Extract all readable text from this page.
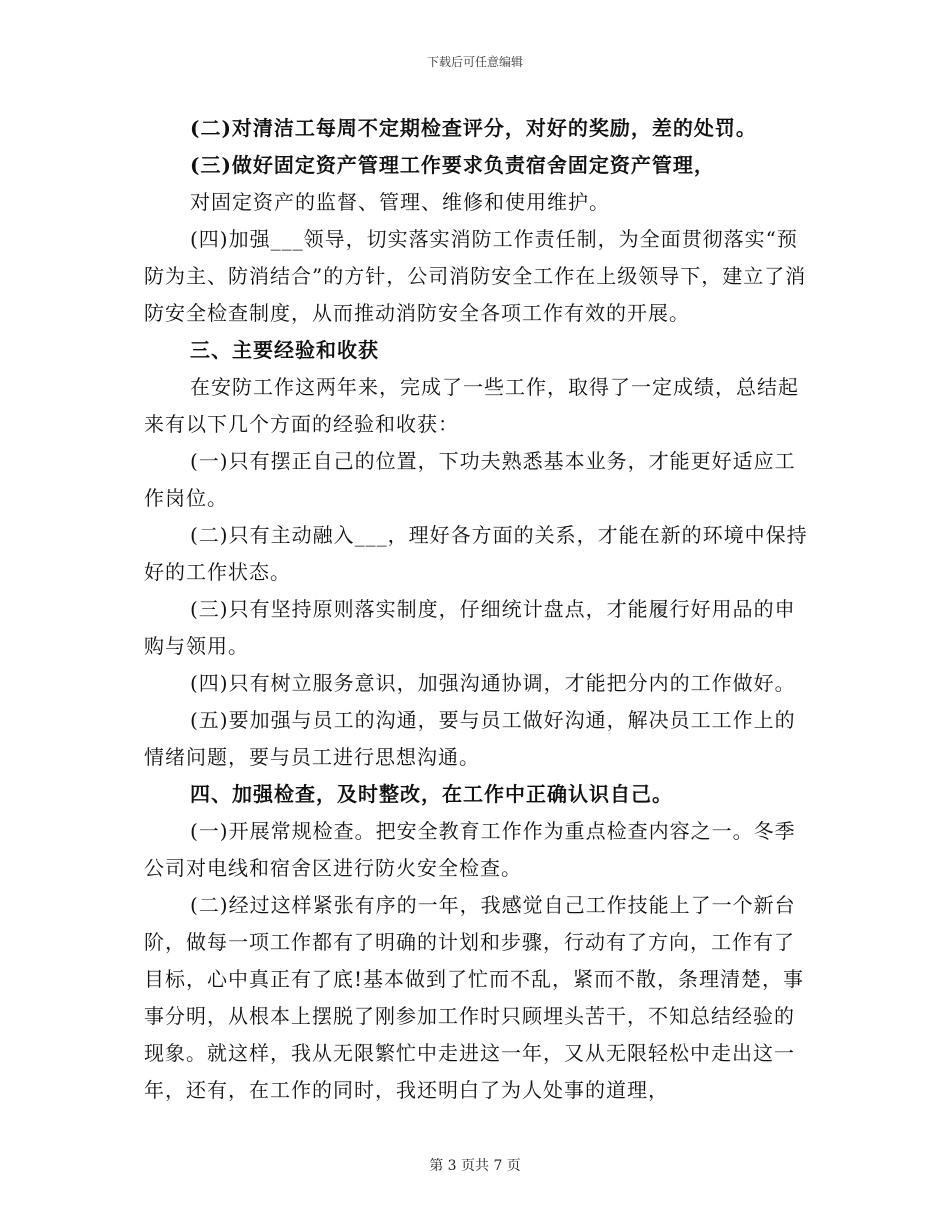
下载后可任意编辑

(二)对清洁工每周不定期检查评分，对好的奖励，差的处罚。

(三)做好固定资产管理工作要求负责宿舍固定资产管理，

对固定资产的监督、管理、维修和使用维护。

(四)加强___领导，切实落实消防工作责任制，为全面贯彻落实“预防为主、防消结合”的方针，公司消防安全工作在上级领导下，建立了消防安全检查制度，从而推动消防安全各项工作有效的开展。

三、主要经验和收获

在安防工作这两年来，完成了一些工作，取得了一定成绩，总结起来有以下几个方面的经验和收获：

(一)只有摆正自己的位置，下功夫熟悉基本业务，才能更好适应工作岗位。

(二)只有主动融入___，理好各方面的关系，才能在新的环境中保持好的工作状态。

(三)只有坚持原则落实制度，仔细统计盘点，才能履行好用品的申购与领用。

(四)只有树立服务意识，加强沟通协调，才能把分内的工作做好。

(五)要加强与员工的沟通，要与员工做好沟通，解决员工工作上的情绪问题，要与员工进行思想沟通。

四、加强检查，及时整改，在工作中正确认识自己。

(一)开展常规检查。把安全教育工作作为重点检查内容之一。冬季公司对电线和宿舍区进行防火安全检查。

(二)经过这样紧张有序的一年，我感觉自己工作技能上了一个新台阶，做每一项工作都有了明确的计划和步骤，行动有了方向，工作有了目标，心中真正有了底!基本做到了忙而不乱，紧而不散，条理清楚，事事分明，从根本上摆脱了刚参加工作时只顾埋头苦干，不知总结经验的现象。就这样，我从无限繁忙中走进这一年，又从无限轻松中走出这一年，还有，在工作的同时，我还明白了为人处事的道理，

第 3 页共 7 页
